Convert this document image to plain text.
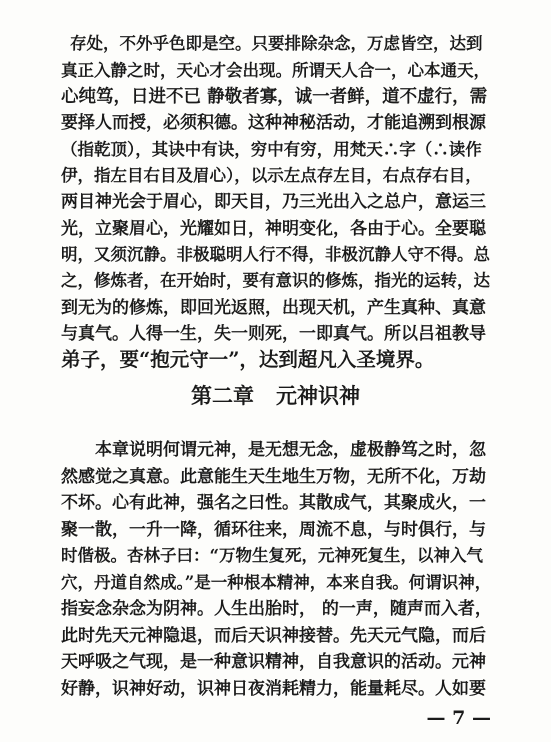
存处，不外乎色即是空。只要排除杂念，万虑皆空，达到
真正入静之时，天心才会出现。所谓天人合一，心本通天，
心纯笃，日进不已 静敬者寡，诚一者鲜，道不虚行，需
要择人而授，必须积德。这种神秘活动，才能追溯到根源
（指乾顶），其诀中有诀，穷中有穷，用梵天∴字（∴读作
伊，指左目右目及眉心），以示左点存左目，右点存右目，
两目神光会于眉心，即天目，乃三光出入之总户，意运三
光，立聚眉心，光耀如日，神明变化，各由于心。全要聪
明，又须沉静。非极聪明人行不得，非极沉静人守不得。总
之，修炼者，在开始时，要有意识的修炼，指光的运转，达
到无为的修炼，即回光返照，出现天机，产生真种、真意
与真气。人得一生，失一则死，一即真气。所以吕祖教导
弟子，要“抱元守一”，达到超凡入圣境界。
第二章   元神识神
本章说明何谓元神，是无想无念，虚极静笃之时，忽
然感觉之真意。此意能生天生地生万物，无所不化，万劫
不坏。心有此神，强名之曰性。其散成气，其聚成火，一
聚一散，一升一降，循环往来，周流不息，与时俱行，与
时偕极。杏林子曰：“万物生复死，元神死复生，以神入气
穴，丹道自然成。”是一种根本精神，本来自我。何谓识神，
指妄念杂念为阴神。人生出胎时， 的一声，随声而入者，
此时先天元神隐退，而后天识神接替。先天元气隐，而后
天呼吸之气现，是一种意识精神，自我意识的活动。元神
好静，识神好动，识神日夜消耗精力，能量耗尽。人如要
— 7 —
